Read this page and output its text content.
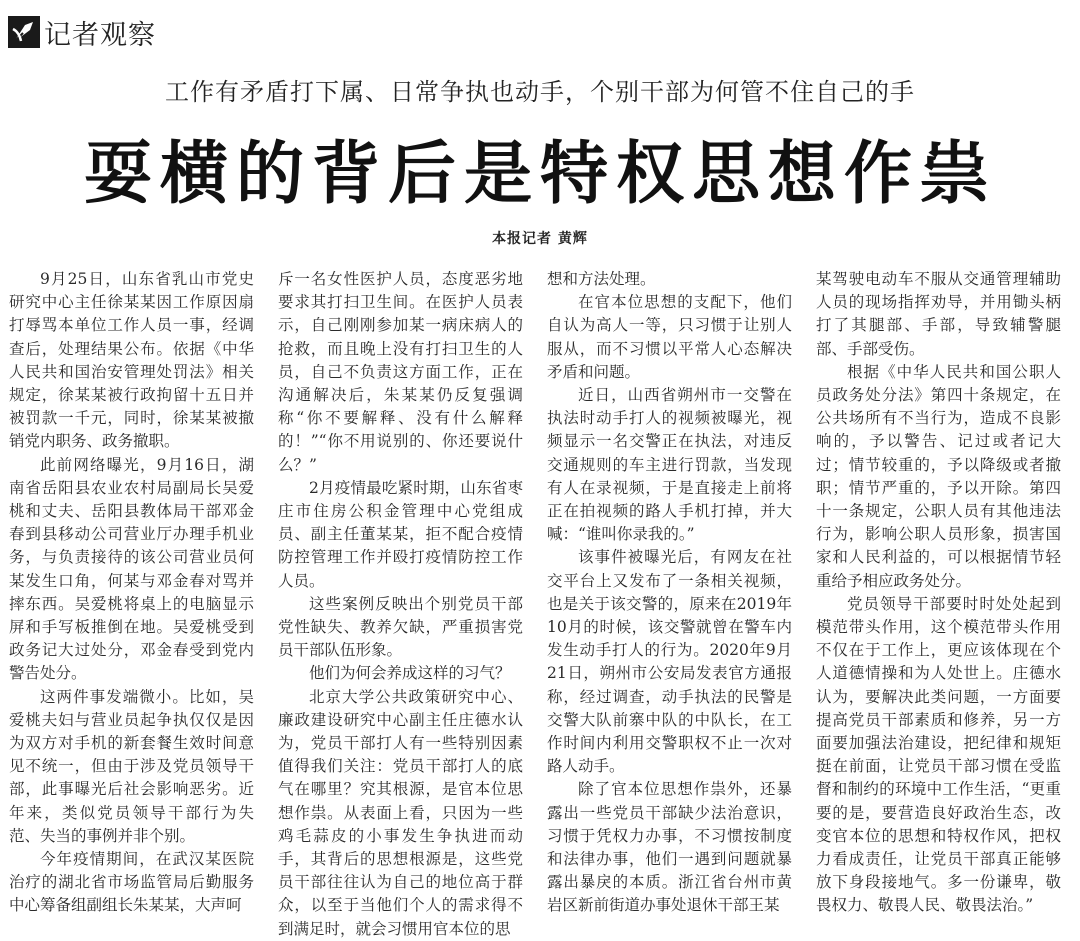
记者观察
工作有矛盾打下属、日常争执也动手，个别干部为何管不住自己的手
耍横的背后是特权思想作祟
本报记者 黄辉

9月25日，山东省乳山市党史研究中心主任徐某某因工作原因扇打辱骂本单位工作人员一事，经调查后，处理结果公布。依据《中华人民共和国治安管理处罚法》相关规定，徐某某被行政拘留十五日并被罚款一千元，同时，徐某某被撤销党内职务、政务撤职。

此前网络曝光，9月16日，湖南省岳阳县农业农村局副局长吴爱桃和丈夫、岳阳县教体局干部邓金春到县移动公司营业厅办理手机业务，与负责接待的该公司营业员何某发生口角，何某与邓金春对骂并摔东西。吴爱桃将桌上的电脑显示屏和手写板推倒在地。吴爱桃受到政务记大过处分，邓金春受到党内警告处分。

这两件事发端微小。比如，吴爱桃夫妇与营业员起争执仅仅是因为双方对手机的新套餐生效时间意见不统一，但由于涉及党员领导干部，此事曝光后社会影响恶劣。近年来，类似党员领导干部行为失范、失当的事例并非个别。

今年疫情期间，在武汉某医院治疗的湖北省市场监管局后勤服务中心筹备组副组长朱某某，大声呵

斥一名女性医护人员，态度恶劣地要求其打扫卫生间。在医护人员表示，自己刚刚参加某一病床病人的抢救，而且晚上没有打扫卫生的人员，自己不负责这方面工作，正在沟通解决后，朱某某仍反复强调称“你不要解释、没有什么解释的！”“你不用说别的、你还要说什么？”

2月疫情最吃紧时期，山东省枣庄市住房公积金管理中心党组成员、副主任董某某，拒不配合疫情防控管理工作并殴打疫情防控工作人员。

这些案例反映出个别党员干部党性缺失、教养欠缺，严重损害党员干部队伍形象。

他们为何会养成这样的习气？

北京大学公共政策研究中心、廉政建设研究中心副主任庄德水认为，党员干部打人有一些特别因素值得我们关注：党员干部打人的底气在哪里？究其根源，是官本位思想作祟。从表面上看，只因为一些鸡毛蒜皮的小事发生争执进而动手，其背后的思想根源是，这些党员干部往往认为自己的地位高于群众，以至于当他们个人的需求得不到满足时，就会习惯用官本位的思

想和方法处理。

在官本位思想的支配下，他们自认为高人一等，只习惯于让别人服从，而不习惯以平常人心态解决矛盾和问题。

近日，山西省朔州市一交警在执法时动手打人的视频被曝光，视频显示一名交警正在执法，对违反交通规则的车主进行罚款，当发现有人在录视频，于是直接走上前将正在拍视频的路人手机打掉，并大喊：“谁叫你录我的。”

该事件被曝光后，有网友在社交平台上又发布了一条相关视频，也是关于该交警的，原来在2019年10月的时候，该交警就曾在警车内发生动手打人的行为。2020年9月21日，朔州市公安局发表官方通报称，经过调查，动手执法的民警是交警大队前寨中队的中队长，在工作时间内利用交警职权不止一次对路人动手。

除了官本位思想作祟外，还暴露出一些党员干部缺少法治意识，习惯于凭权力办事，不习惯按制度和法律办事，他们一遇到问题就暴露出暴戾的本质。浙江省台州市黄岩区新前街道办事处退休干部王某

某驾驶电动车不服从交通管理辅助人员的现场指挥劝导，并用锄头柄打了其腿部、手部，导致辅警腿部、手部受伤。

根据《中华人民共和国公职人员政务处分法》第四十条规定，在公共场所有不当行为，造成不良影响的，予以警告、记过或者记大过；情节较重的，予以降级或者撤职；情节严重的，予以开除。第四十一条规定，公职人员有其他违法行为，影响公职人员形象，损害国家和人民利益的，可以根据情节轻重给予相应政务处分。

党员领导干部要时时处处起到模范带头作用，这个模范带头作用不仅在于工作上，更应该体现在个人道德情操和为人处世上。庄德水认为，要解决此类问题，一方面要提高党员干部素质和修养，另一方面要加强法治建设，把纪律和规矩挺在前面，让党员干部习惯在受监督和制约的环境中工作生活，“更重要的是，要营造良好政治生态，改变官本位的思想和特权作风，把权力看成责任，让党员干部真正能够放下身段接地气。多一份谦卑，敬畏权力、敬畏人民、敬畏法治。”
